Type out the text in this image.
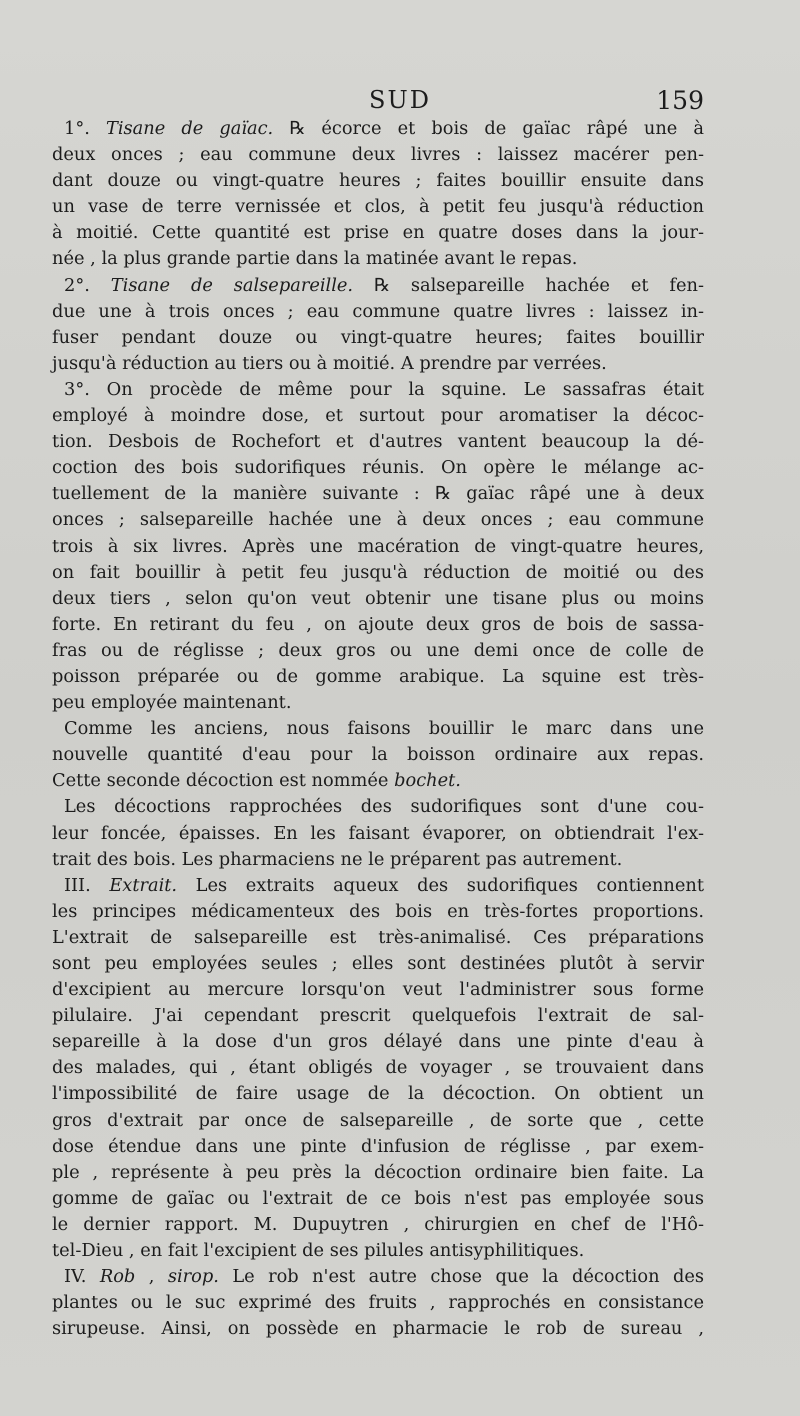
SUD	159
1°. Tisane de gaïac. ℞ écorce et bois de gaïac râpé une à
deux onces ; eau commune deux livres : laissez macérer pen-
dant douze ou vingt-quatre heures ; faites bouillir ensuite dans
un vase de terre vernissée et clos, à petit feu jusqu'à réduction
à moitié. Cette quantité est prise en quatre doses dans la jour-
née , la plus grande partie dans la matinée avant le repas.
2°. Tisane de salsepareille. ℞ salsepareille hachée et fen-
due une à trois onces ; eau commune quatre livres : laissez in-
fuser pendant douze ou vingt-quatre heures; faites bouillir
jusqu'à réduction au tiers ou à moitié. A prendre par verrées.
3°. On procède de même pour la squine. Le sassafras était
employé à moindre dose, et surtout pour aromatiser la décoc-
tion. Desbois de Rochefort et d'autres vantent beaucoup la dé-
coction des bois sudorifiques réunis. On opère le mélange ac-
tuellement de la manière suivante : ℞ gaïac râpé une à deux
onces ; salsepareille hachée une à deux onces ; eau commune
trois à six livres. Après une macération de vingt-quatre heures,
on fait bouillir à petit feu jusqu'à réduction de moitié ou des
deux tiers , selon qu'on veut obtenir une tisane plus ou moins
forte. En retirant du feu , on ajoute deux gros de bois de sassa-
fras ou de réglisse ; deux gros ou une demi once de colle de
poisson préparée ou de gomme arabique. La squine est très-
peu employée maintenant.
Comme les anciens, nous faisons bouillir le marc dans une
nouvelle quantité d'eau pour la boisson ordinaire aux repas.
Cette seconde décoction est nommée bochet.
Les décoctions rapprochées des sudorifiques sont d'une cou-
leur foncée, épaisses. En les faisant évaporer, on obtiendrait l'ex-
trait des bois. Les pharmaciens ne le préparent pas autrement.
III. Extrait. Les extraits aqueux des sudorifiques contiennent
les principes médicamenteux des bois en très-fortes proportions.
L'extrait de salsepareille est très-animalisé. Ces préparations
sont peu employées seules ; elles sont destinées plutôt à servir
d'excipient au mercure lorsqu'on veut l'administrer sous forme
pilulaire. J'ai cependant prescrit quelquefois l'extrait de sal-
separeille à la dose d'un gros délayé dans une pinte d'eau à
des malades, qui , étant obligés de voyager , se trouvaient dans
l'impossibilité de faire usage de la décoction. On obtient un
gros d'extrait par once de salsepareille , de sorte que , cette
dose étendue dans une pinte d'infusion de réglisse , par exem-
ple , représente à peu près la décoction ordinaire bien faite. La
gomme de gaïac ou l'extrait de ce bois n'est pas employée sous
le dernier rapport. M. Dupuytren , chirurgien en chef de l'Hô-
tel-Dieu , en fait l'excipient de ses pilules antisyphilitiques.
IV. Rob , sirop. Le rob n'est autre chose que la décoction des
plantes ou le suc exprimé des fruits , rapprochés en consistance
sirupeuse. Ainsi, on possède en pharmacie le rob de sureau ,
